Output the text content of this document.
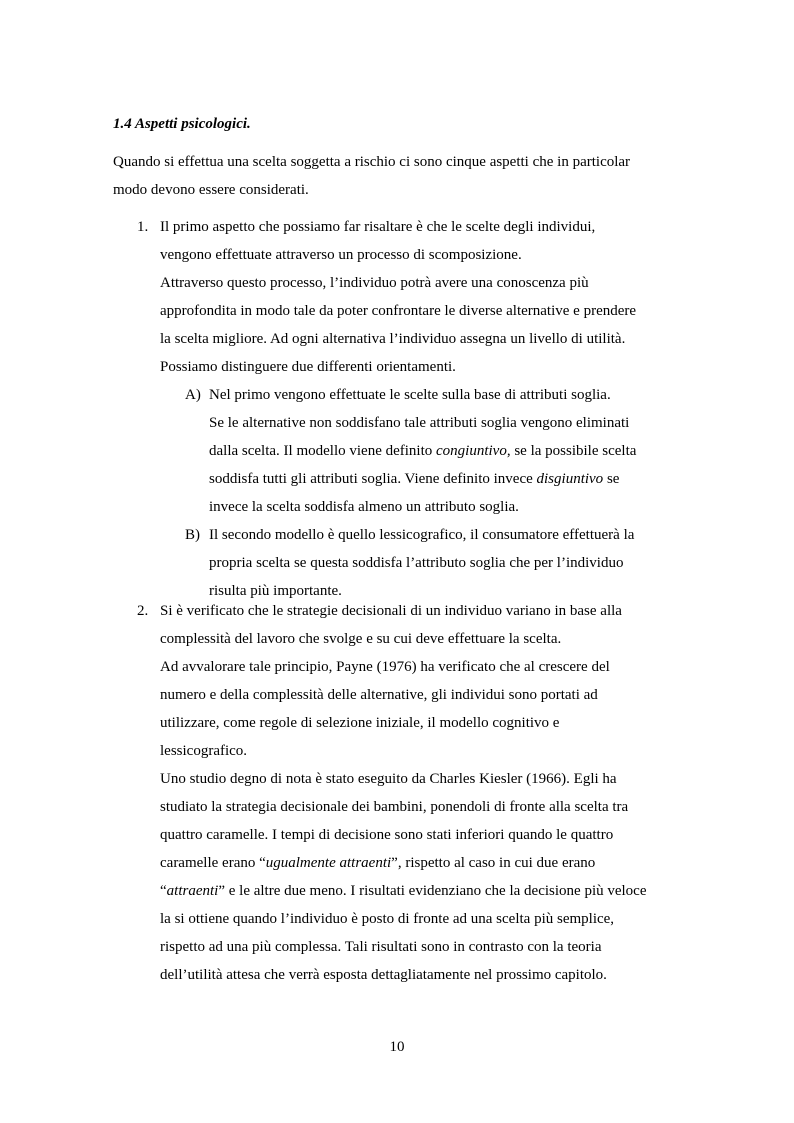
1.4 Aspetti psicologici.
Quando si effettua una scelta soggetta a rischio ci sono cinque aspetti che in particolar
modo devono essere considerati.
1. Il primo aspetto che possiamo far risaltare è che le scelte degli individui,
vengono effettuate attraverso un processo di scomposizione.
Attraverso questo processo, l’individuo potrà avere una conoscenza più
approfondita in modo tale da poter confrontare le diverse alternative e prendere
la scelta migliore. Ad ogni alternativa l’individuo assegna un livello di utilità.
Possiamo distinguere due differenti orientamenti.
A) Nel primo vengono effettuate le scelte sulla base di attributi soglia.
Se le alternative non soddisfano tale attributi soglia vengono eliminati
dalla scelta. Il modello viene definito congiuntivo, se la possibile scelta
soddisfa tutti gli attributi soglia. Viene definito invece disgiuntivo se
invece la scelta soddisfa almeno un attributo soglia.
B) Il secondo modello è quello lessicografico, il consumatore effettuerà la
propria scelta se questa soddisfa l’attributo soglia che per l’individuo
risulta più importante.
2. Si è verificato che le strategie decisionali di un individuo variano in base alla
complessità del lavoro che svolge e su cui deve effettuare la scelta.
Ad avvalorare tale principio, Payne (1976) ha verificato che al crescere del
numero e della complessità delle alternative, gli individui sono portati ad
utilizzare, come regole di selezione iniziale, il modello cognitivo e
lessicografico.
Uno studio degno di nota è stato eseguito da Charles Kiesler (1966). Egli ha
studiato la strategia decisionale dei bambini, ponendoli di fronte alla scelta tra
quattro caramelle. I tempi di decisione sono stati inferiori quando le quattro
caramelle erano “ugualmente attraenti”, rispetto al caso in cui due erano
“attraenti” e le altre due meno. I risultati evidenziano che la decisione più veloce
la si ottiene quando l’individuo è posto di fronte ad una scelta più semplice,
rispetto ad una più complessa. Tali risultati sono in contrasto con la teoria
dell’utilità attesa che verrà esposta dettagliatamente nel prossimo capitolo.
10
